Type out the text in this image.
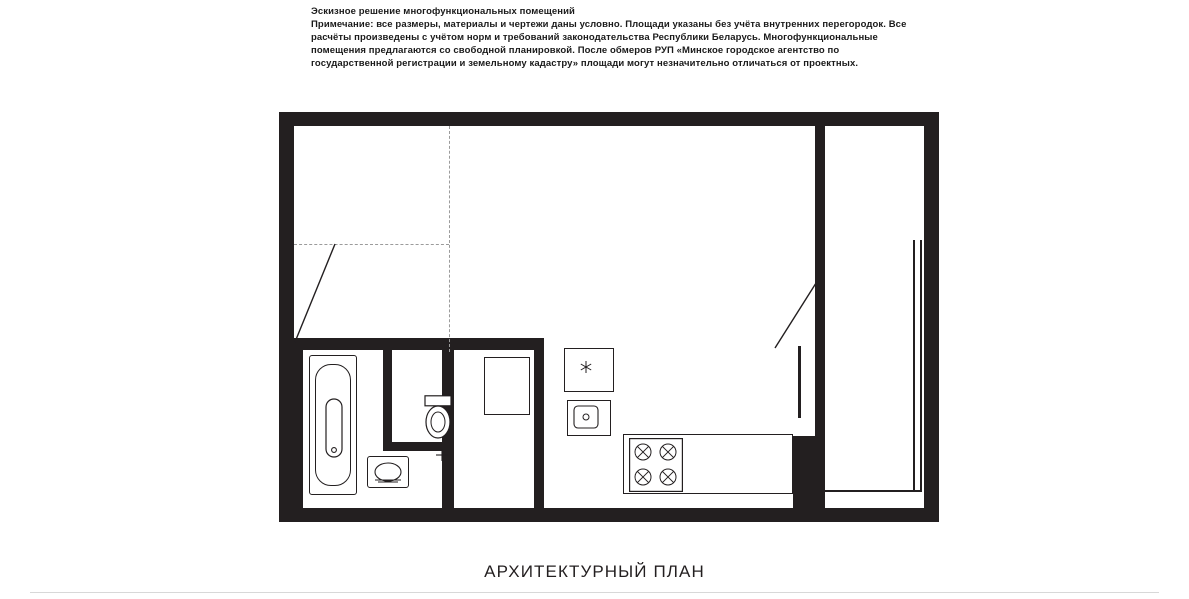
Эскизное решение многофункциональных помещений

Примечание: все размеры, материалы и чертежи даны условно. Площади указаны без учёта внутренних перегородок. Все расчёты произведены с учётом норм и требований законодательства Республики Беларусь. Многофункциональные помещения предлагаются со свободной планировкой. После обмеров РУП «Минское городское агентство по государственной регистрации и земельному кадастру» площади могут незначительно отличаться от проектных.

АРХИТЕКТУРНЫЙ ПЛАН
